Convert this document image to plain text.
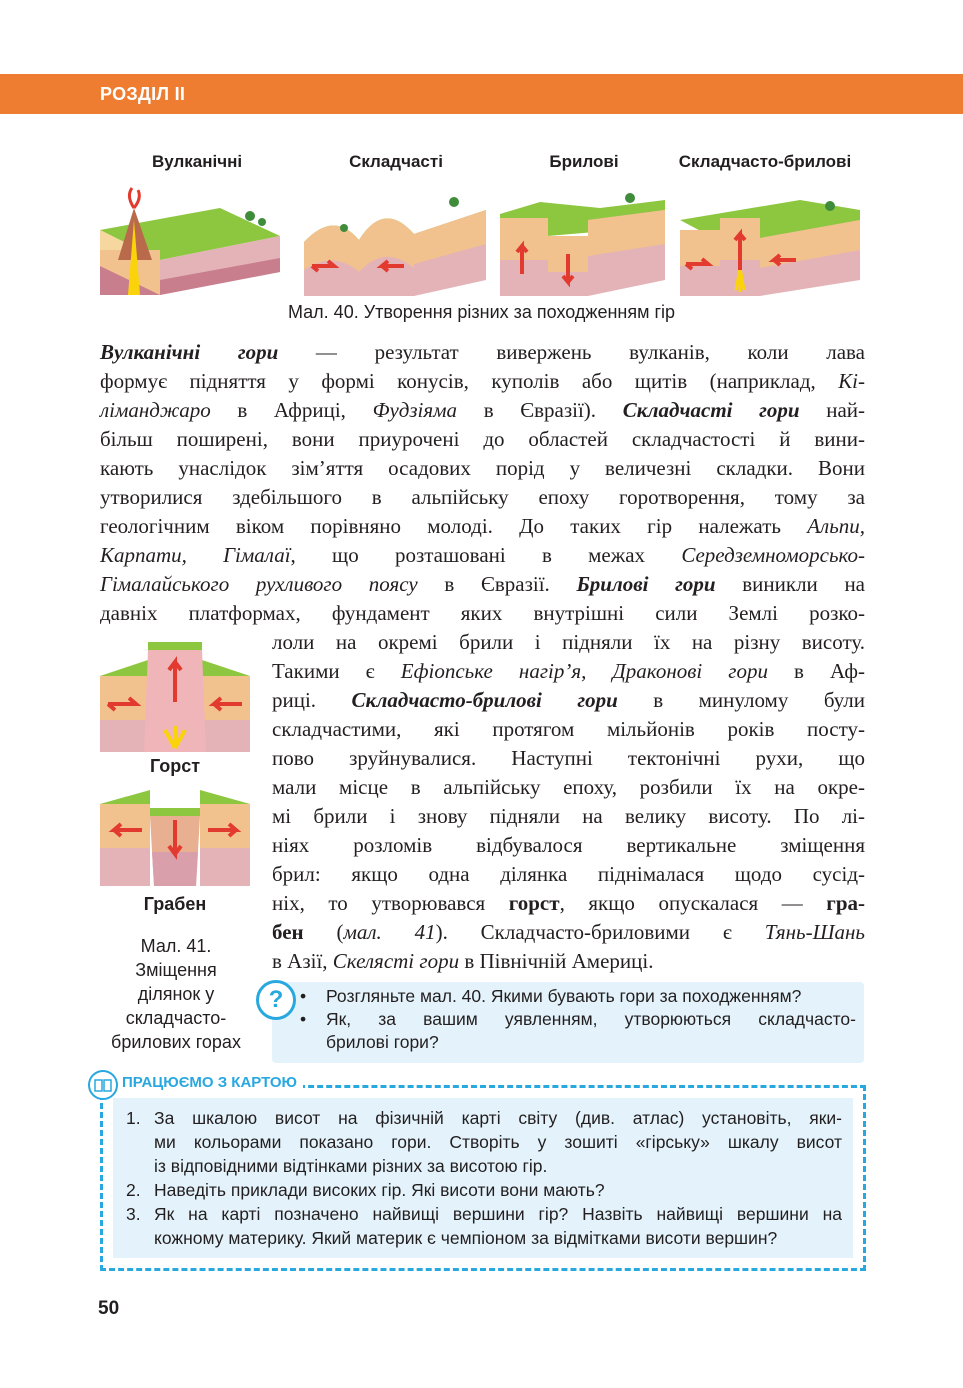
РОЗДІЛ II
Вулканічні	Складчасті	Брилові	Складчасто-брилові
Мал. 40. Утворення різних за походженням гір
Вулканічні гори — результат вивержень вулканів, коли лава
формує підняття у формі конусів, куполів або щитів (наприклад, Кі-
ліманджаро в Африці, Фудзіяма в Євразії). Складчасті гори най-
більш поширені, вони приурочені до областей складчастості й вини-
кають унаслідок зім’яття осадових порід у величезні складки. Вони
утворилися здебільшого в альпійську епоху горотворення, тому за
геологічним віком порівняно молоді. До таких гір належать Альпи,
Карпати, Гімалаї, що розташовані в межах Середземноморсько-
Гімалайського рухливого поясу в Євразії. Брилові гори виникли на
давніх платформах, фундамент яких внутрішні сили Землі розко-
лоли на окремі брили і підняли їх на різну висоту.
Такими є Ефіопське нагір’я, Драконові гори в Аф-
риці. Складчасто-брилові гори в минулому були
складчастими, які протягом мільйонів років посту-
пово зруйнувалися. Наступні тектонічні рухи, що
мали місце в альпійську епоху, розбили їх на окре-
мі брили і знову підняли на велику висоту. По лі-
ніях розломів відбувалося вертикальне зміщення
брил: якщо одна ділянка піднімалася щодо сусід-
ніх, то утворювався горст, якщо опускалася — гра-
бен (мал. 41). Складчасто-бриловими є Тянь-Шань
в Азії, Скелясті гори в Північній Америці.
Горст
Грабен
Мал. 41.
Зміщення
ділянок у
складчасто-
брилових горах
? • Розгляньте мал. 40. Якими бувають гори за походженням?
• Як, за вашим уявленням, утворюються складчасто-
брилові гори?
ПРАЦЮЄМО З КАРТОЮ
1. За шкалою висот на фізичній карті світу (див. атлас) установіть, яки-
ми кольорами показано гори. Створіть у зошиті «гірську» шкалу висот
із відповідними відтінками різних за висотою гір.
2. Наведіть приклади високих гір. Які висоти вони мають?
3. Як на карті позначено найвищі вершини гір? Назвіть найвищі вершини на
кожному материку. Який материк є чемпіоном за відмітками висоти вершин?
50
